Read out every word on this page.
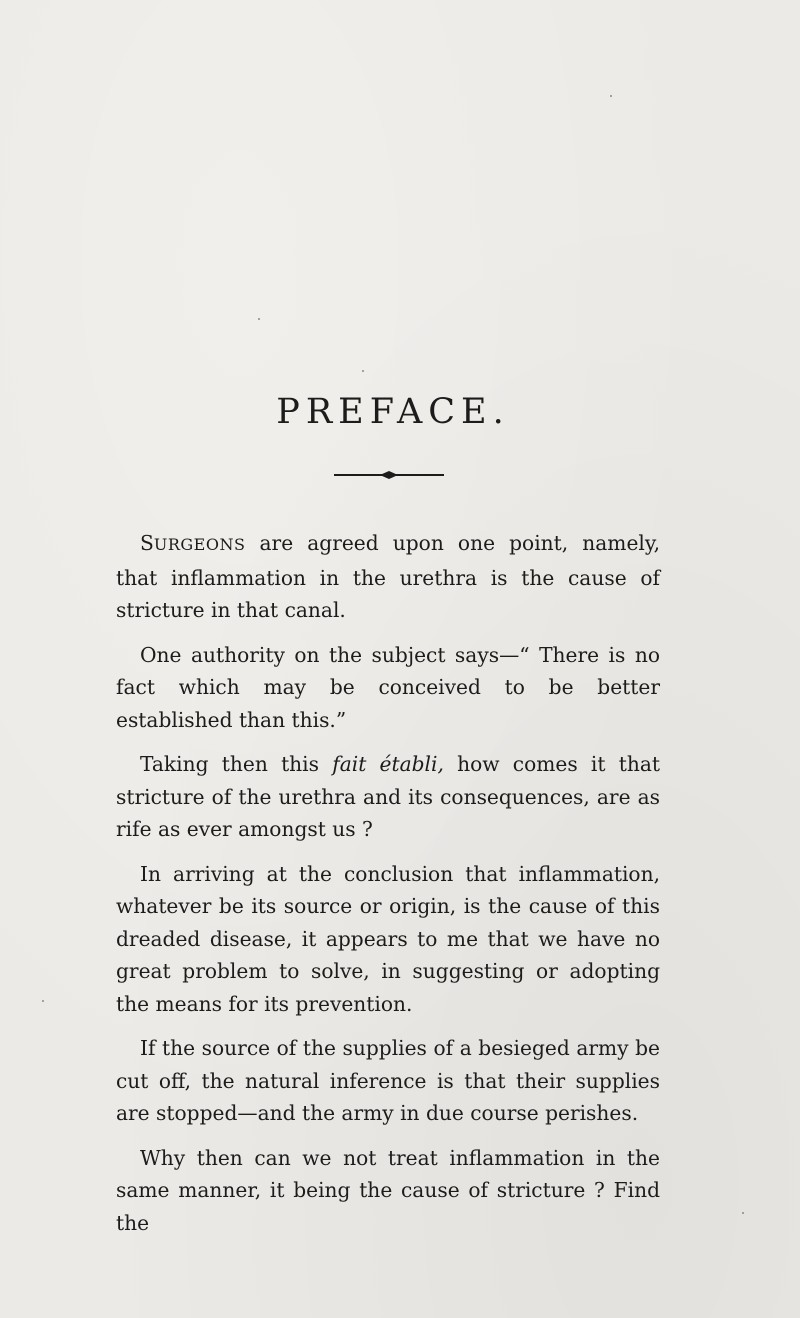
PREFACE.

SURGEONS are agreed upon one point, namely, that inflammation in the urethra is the cause of stricture in that canal.

One authority on the subject says—“ There is no fact which may be conceived to be better established than this.”

Taking then this fait établi, how comes it that stricture of the urethra and its consequences, are as rife as ever amongst us ?

In arriving at the conclusion that inflammation, whatever be its source or origin, is the cause of this dreaded disease, it appears to me that we have no great problem to solve, in suggesting or adopting the means for its prevention.

If the source of the supplies of a besieged army be cut off, the natural inference is that their supplies are stopped—and the army in due course perishes.

Why then can we not treat inflammation in the same manner, it being the cause of stricture ? Find the
